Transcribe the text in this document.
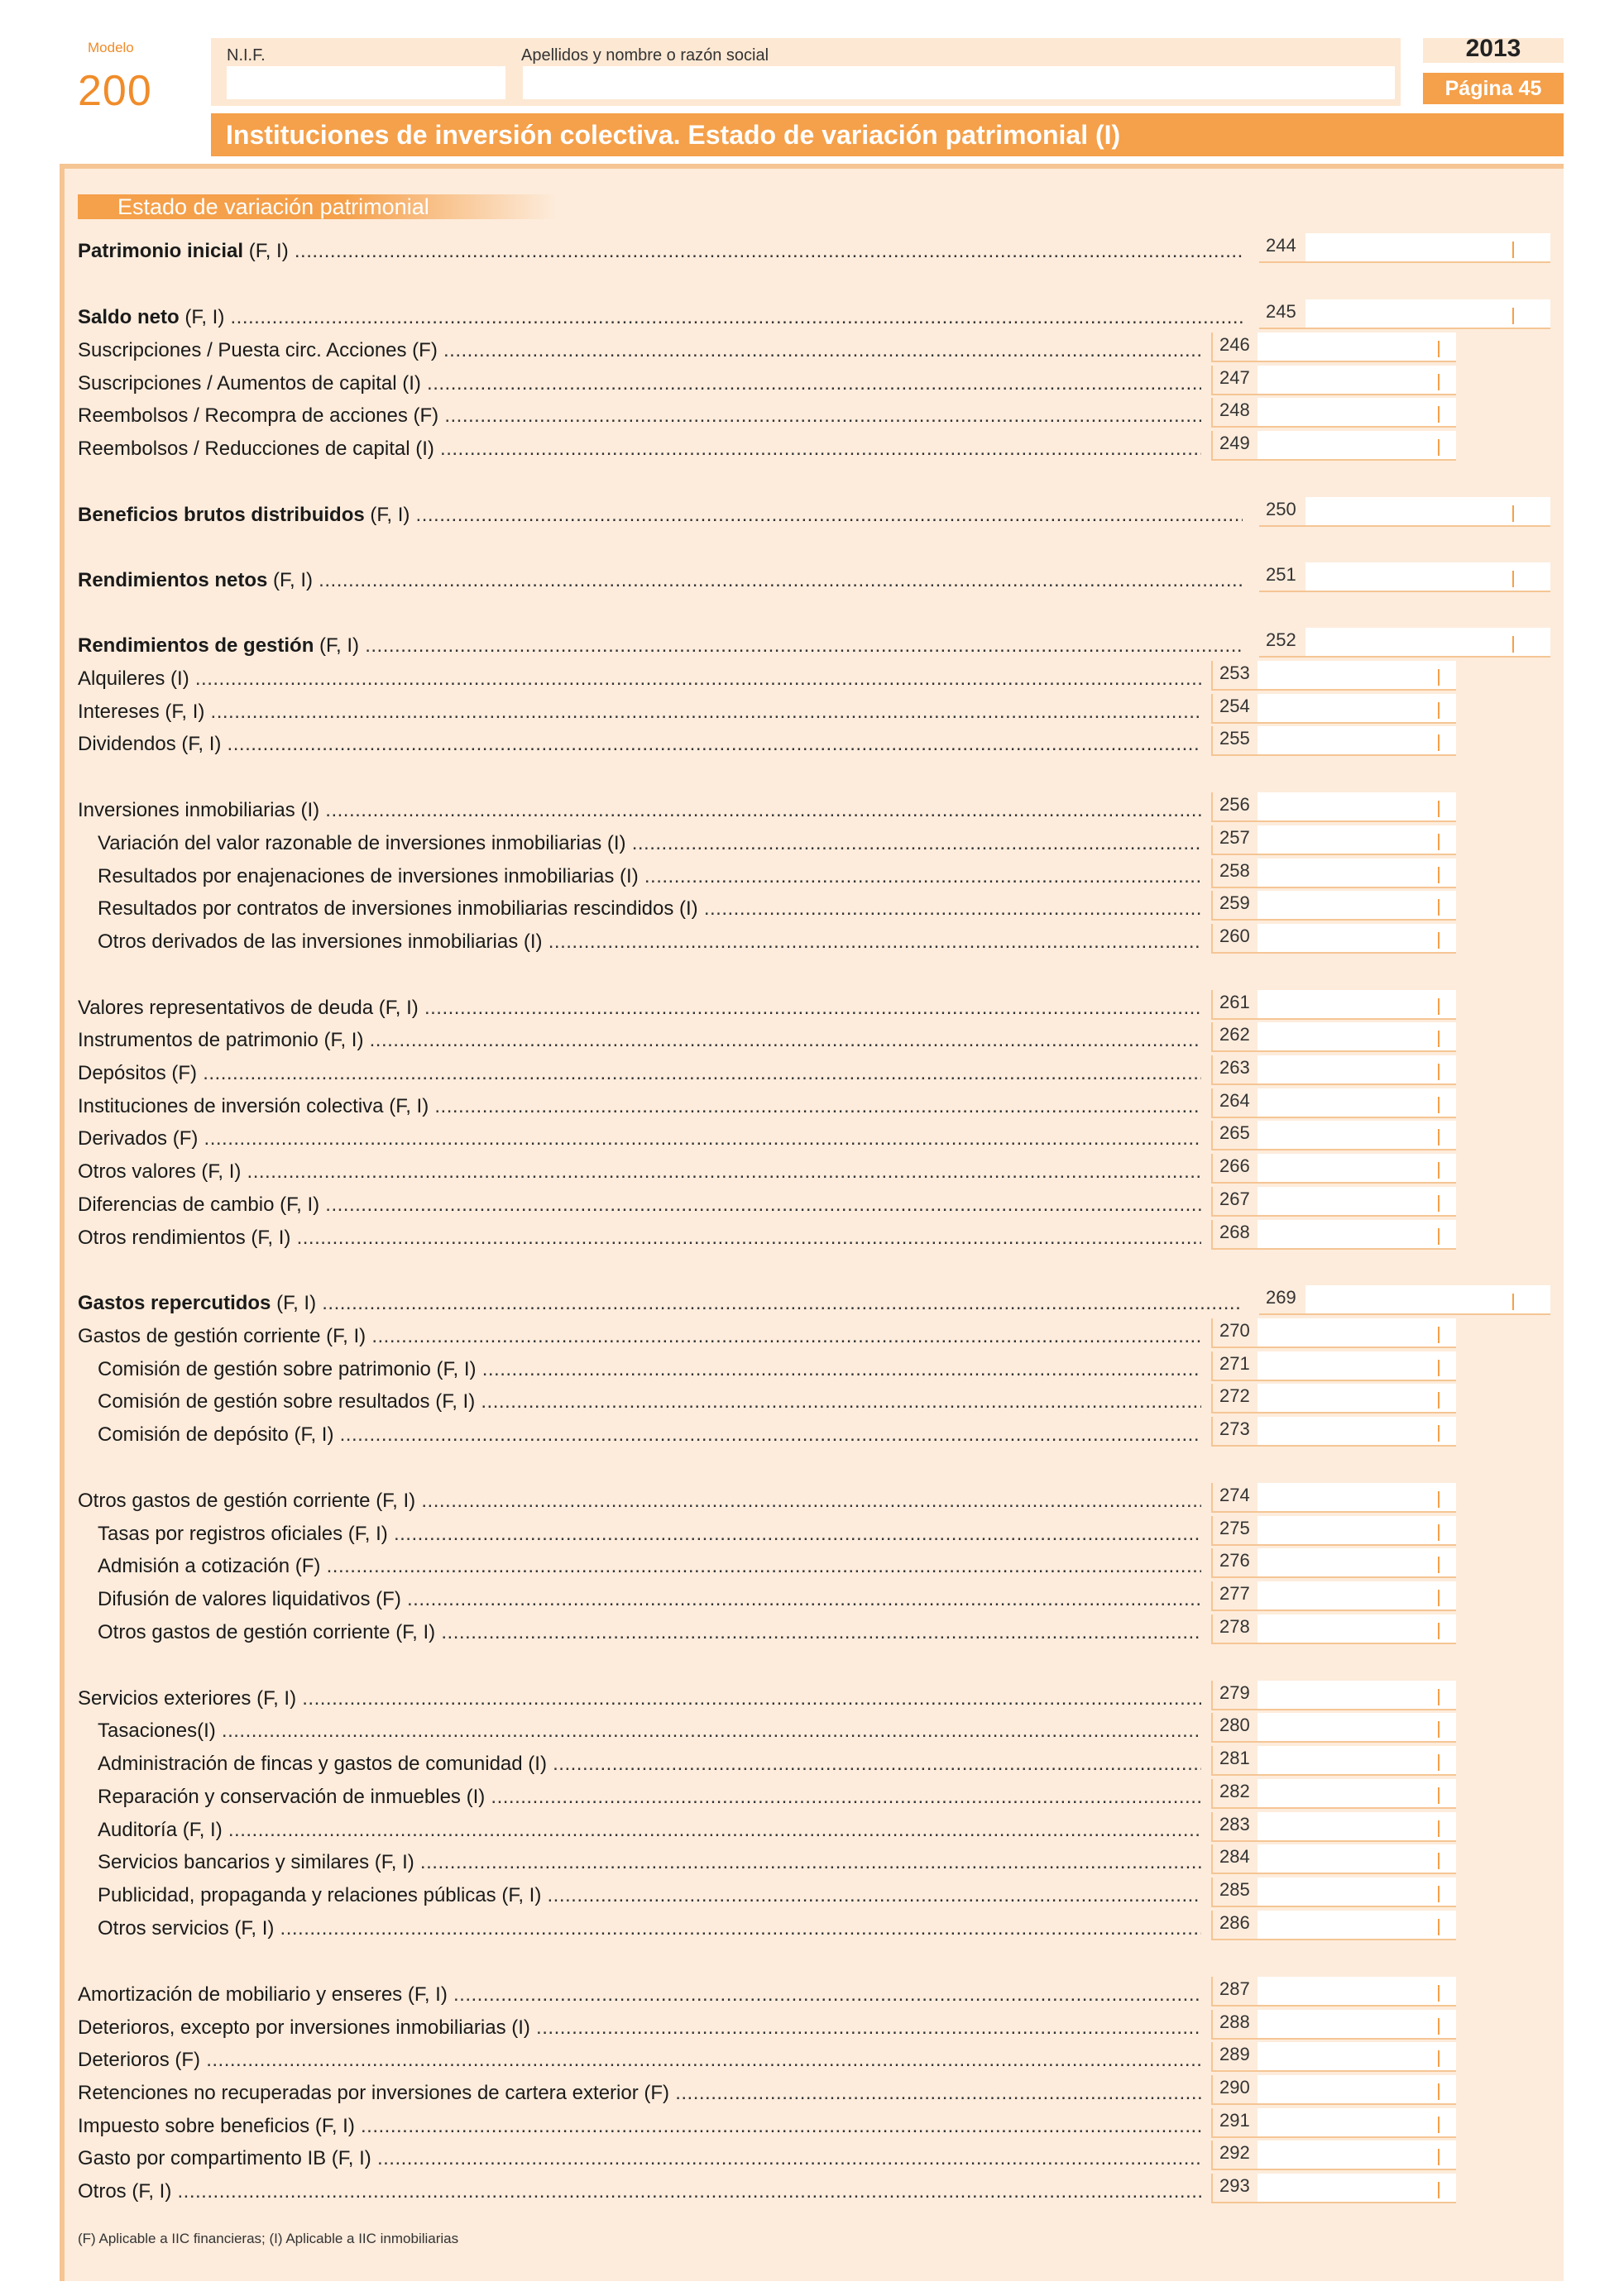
Modelo
200
N.I.F.	Apellidos y nombre o razón social	2013
Página 45
Instituciones de inversión colectiva. Estado de variación patrimonial (I)
Estado de variación patrimonial
Patrimonio inicial (F, I) .....	244
Saldo neto (F, I) .....	245
Suscripciones / Puesta circ. Acciones (F) .....	246
Suscripciones / Aumentos de capital (I) .....	247
Reembolsos / Recompra de acciones (F) .....	248
Reembolsos / Reducciones de capital (I) .....	249
Beneficios brutos distribuidos (F, I) .....	250
Rendimientos netos (F, I) .....	251
Rendimientos de gestión (F, I) .....	252
Alquileres (I) .....	253
Intereses (F, I) .....	254
Dividendos (F, I) .....	255
Inversiones inmobiliarias (I) .....	256
Variación del valor razonable de inversiones inmobiliarias (I) .....	257
Resultados por enajenaciones de inversiones inmobiliarias (I) .....	258
Resultados por contratos de inversiones inmobiliarias rescindidos (I) .....	259
Otros derivados de las inversiones inmobiliarias (I) .....	260
Valores representativos de deuda (F, I) .....	261
Instrumentos de patrimonio (F, I) .....	262
Depósitos (F) .....	263
Instituciones de inversión colectiva (F, I) .....	264
Derivados (F) .....	265
Otros valores (F, I) .....	266
Diferencias de cambio (F, I) .....	267
Otros rendimientos (F, I) .....	268
Gastos repercutidos (F, I) .....	269
Gastos de gestión corriente (F, I) .....	270
Comisión de gestión sobre patrimonio (F, I) .....	271
Comisión de gestión sobre resultados (F, I) .....	272
Comisión de depósito (F, I) .....	273
Otros gastos de gestión corriente (F, I) .....	274
Tasas por registros oficiales (F, I) .....	275
Admisión a cotización (F) .....	276
Difusión de valores liquidativos (F) .....	277
Otros gastos de gestión corriente (F, I) .....	278
Servicios exteriores (F, I) .....	279
Tasaciones(I) .....	280
Administración de fincas y gastos de comunidad (I) .....	281
Reparación y conservación de inmuebles (I) .....	282
Auditoría (F, I) .....	283
Servicios bancarios y similares (F, I) .....	284
Publicidad, propaganda y relaciones públicas (F, I) .....	285
Otros servicios (F, I) .....	286
Amortización de mobiliario y enseres (F, I) .....	287
Deterioros, excepto por inversiones inmobiliarias (I) .....	288
Deterioros (F) .....	289
Retenciones no recuperadas por inversiones de cartera exterior (F) .....	290
Impuesto sobre beneficios (F, I) .....	291
Gasto por compartimento IB (F, I) .....	292
Otros (F, I) .....	293
(F) Aplicable a IIC financieras; (I) Aplicable a IIC inmobiliarias
